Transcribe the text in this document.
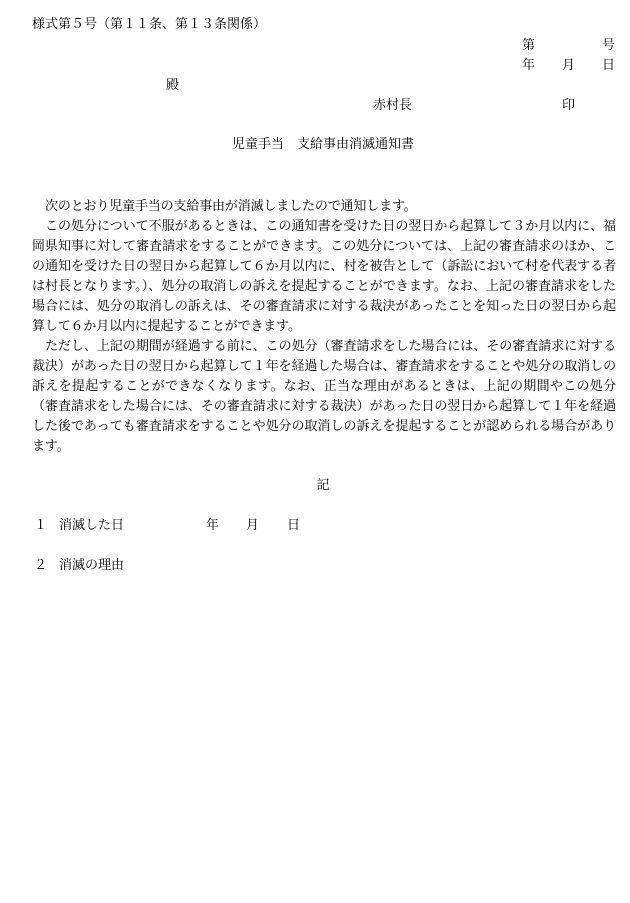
様式第５号（第１１条、第１３条関係）
第	号
年 月 日
殿
赤村長	印
児童手当　支給事由消滅通知書

次のとおり児童手当の支給事由が消滅しましたので通知します。

この処分について不服があるときは、この通知書を受けた日の翌日から起算して３か月以内に、福岡県知事に対して審査請求をすることができます。この処分については、上記の審査請求のほか、この通知を受けた日の翌日から起算して６か月以内に、村を被告として（訴訟において村を代表する者は村長となります。）、処分の取消しの訴えを提起することができます。なお、上記の審査請求をした場合には、処分の取消しの訴えは、その審査請求に対する裁決があったことを知った日の翌日から起算して６か月以内に提起することができます。

ただし、上記の期間が経過する前に、この処分（審査請求をした場合には、その審査請求に対する裁決）があった日の翌日から起算して１年を経過した場合は、審査請求をすることや処分の取消しの訴えを提起することができなくなります。なお、正当な理由があるときは、上記の期間やこの処分（審査請求をした場合には、その審査請求に対する裁決）があった日の翌日から起算して１年を経過した後であっても審査請求をすることや処分の取消しの訴えを提起することが認められる場合があります。

記
１ 消滅した日	年 月 日
２ 消滅の理由
